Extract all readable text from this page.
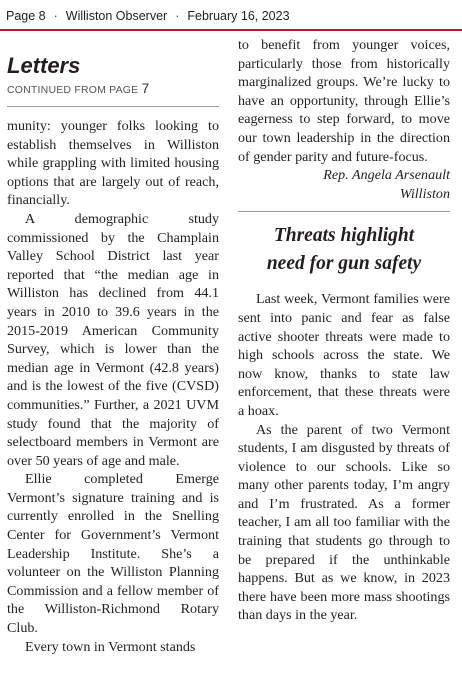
Page 8 · Williston Observer · February 16, 2023
Letters
CONTINUED FROM PAGE 7

munity: younger folks looking to establish themselves in Williston while grappling with limited housing options that are largely out of reach, financially.

A demographic study commissioned by the Champlain Valley School District last year reported that “the median age in Williston has declined from 44.1 years in 2010 to 39.6 years in the 2015-2019 American Community Survey, which is lower than the median age in Vermont (42.8 years) and is the lowest of the five (CVSD) communities.” Further, a 2021 UVM study found that the majority of selectboard members in Vermont are over 50 years of age and male.

Ellie completed Emerge Vermont’s signature training and is currently enrolled in the Snelling Center for Government’s Vermont Leadership Institute. She’s a volunteer on the Williston Planning Commission and a fellow member of the Williston-Richmond Rotary Club.

Every town in Vermont stands

to benefit from younger voices, particularly those from historically marginalized groups. We’re lucky to have an opportunity, through Ellie’s eagerness to step forward, to move our town leadership in the direction of gender parity and future-focus.

Rep. Angela Arsenault
Williston
Threats highlight
need for gun safety

Last week, Vermont families were sent into panic and fear as false active shooter threats were made to high schools across the state. We now know, thanks to state law enforcement, that these threats were a hoax.

As the parent of two Vermont students, I am disgusted by threats of violence to our schools. Like so many other parents today, I’m angry and I’m frustrated. As a former teacher, I am all too familiar with the training that students go through to be prepared if the unthinkable happens. But as we know, in 2023 there have been more mass shootings than days in the year.
